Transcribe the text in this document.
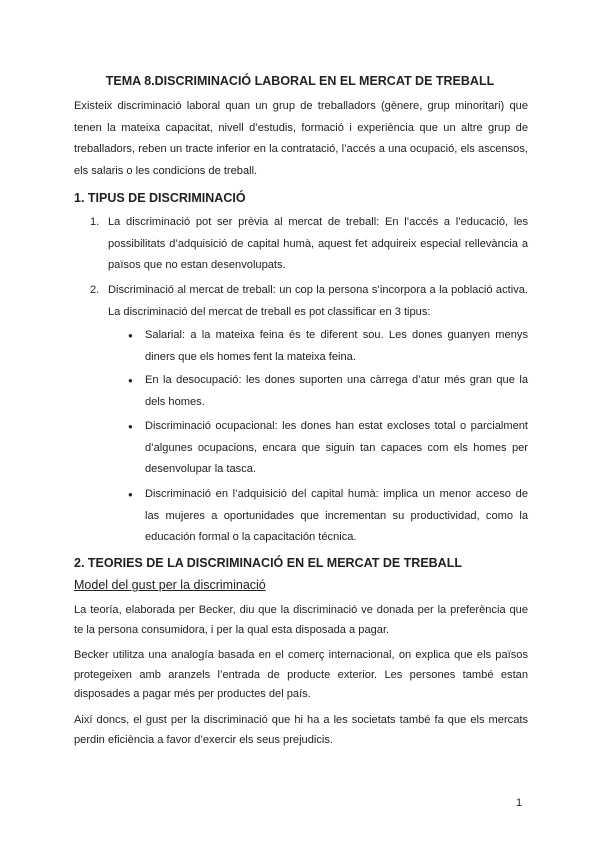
TEMA 8.DISCRIMINACIÓ LABORAL EN EL MERCAT DE TREBALL
Existeix discriminació laboral quan un grup de treballadors (gènere, grup minoritari) que tenen la mateixa capacitat, nivell d’estudis, formació i experiència que un altre grup de treballadors, reben un tracte inferior en la contratació, l’accés a una ocupació, els ascensos, els salaris o les condicions de treball.
1. TIPUS DE DISCRIMINACIÓ
1. La discriminació pot ser prèvia al mercat de treball: En l’accés a l’educació, les possibilitats d’adquisició de capital humà, aquest fet adquireix especial rellevància a països que no estan desenvolupats.
2. Discriminació al mercat de treball: un cop la persona s’incorpora a la població activa. La discriminació del mercat de treball es pot classificar en 3 tipus:
● Salarial: a la mateixa feina és te diferent sou. Les dones guanyen menys diners que els homes fent la mateixa feina.
● En la desocupació: les dones suporten una càrrega d’atur més gran que la dels homes.
● Discriminació ocupacional: les dones han estat excloses total o parcialment d’algunes ocupacions, encara que siguin tan capaces com els homes per desenvolupar la tasca.
● Discriminació en l’adquisició del capital humà: implica un menor acceso de las mujeres a oportunidades que incrementan su productividad, como la educación formal o la capacitación técnica.
2. TEORIES DE LA DISCRIMINACIÓ EN EL MERCAT DE TREBALL
Model del gust per la discriminació
La teoría, elaborada per Becker, diu que la discriminació ve donada per la preferència que te la persona consumidora, i per la qual esta disposada a pagar.
Becker utilitza una analogía basada en el comerç internacional, on explica que els països protegeixen amb aranzels l’entrada de producte exterior. Les persones també estan disposades a pagar més per productes del país.
Així doncs, el gust per la discriminació que hi ha a les societats també fa que els mercats perdin eficiència a favor d’exercir els seus prejudicis.
1
